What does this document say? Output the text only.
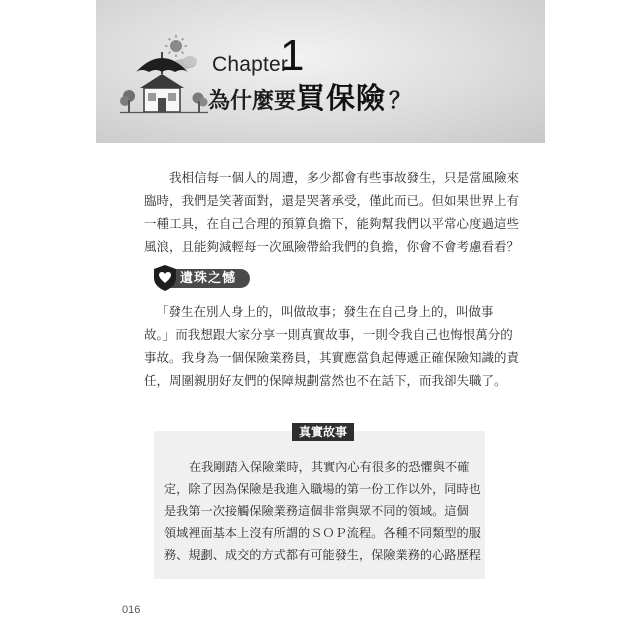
Chapter
1
為什麼要買保險 ？

我相信每一個人的周遭，多少都會有些事故發生，只是當風險來
臨時，我們是笑著面對，還是哭著承受，僅此而已。但如果世界上有
一種工具，在自己合理的預算負擔下，能夠幫我們以平常心度過這些
風浪，且能夠減輕每一次風險帶給我們的負擔，你會不會考慮看看？

遺珠之憾

「發生在別人身上的，叫做故事；發生在自己身上的，叫做事
故。」而我想跟大家分享一則真實故事，一則令我自己也悔恨萬分的
事故。我身為一個保險業務員，其實應當負起傳遞正確保險知識的責
任，周圍親朋好友們的保障規劃當然也不在話下，而我卻失職了。

真實故事

在我剛踏入保險業時，其實內心有很多的恐懼與不確
定，除了因為保險是我進入職場的第一份工作以外，同時也
是我第一次接觸保險業務這個非常與眾不同的領域。這個
領域裡面基本上沒有所謂的ＳＯＰ流程。各種不同類型的服
務、規劃、成交的方式都有可能發生，保險業務的心路歷程

016
